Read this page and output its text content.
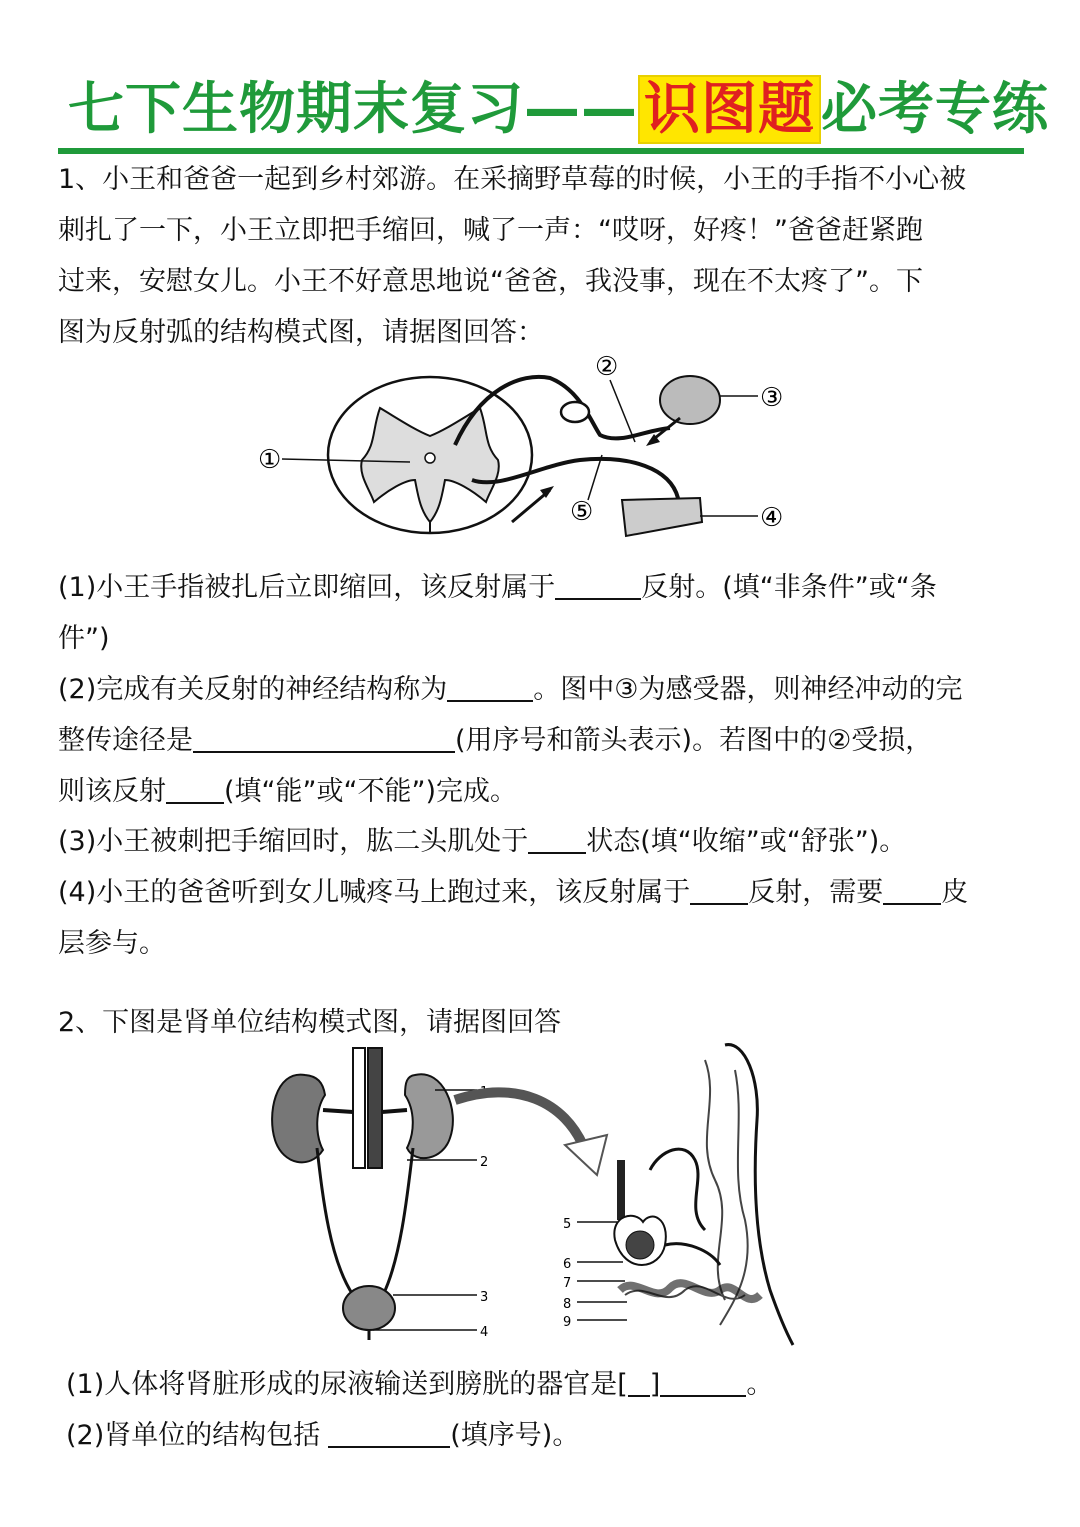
七下生物期末复习—— 识图题 必考专练
1、小王和爸爸一起到乡村郊游。在采摘野草莓的时候，小王的手指不小心被
刺扎了一下，小王立即把手缩回，喊了一声：“哎呀，好疼！”爸爸赶紧跑
过来，安慰女儿。小王不好意思地说“爸爸，我没事，现在不太疼了”。下
图为反射弧的结构模式图，请据图回答：
①
②
③
④
⑤
(1)小王手指被扎后立即缩回，该反射属于	反射。(填“非条件”或“条
件”)
(2)完成有关反射的神经结构称为	。图中③为感受器，则神经冲动的完
整传途径是	(用序号和箭头表示)。若图中的②受损，
则该反射 (填“能”或“不能”)完成。
(3)小王被刺把手缩回时，肱二头肌处于 状态(填“收缩”或“舒张”)。
(4)小王的爸爸听到女儿喊疼马上跑过来，该反射属于 反射，需要 皮
层参与。
2、下图是肾单位结构模式图，请据图回答
1
2
3
4
5
6
7
8
9
(1)人体将肾脏形成的尿液输送到膀胱的器官是[ ]	。
(2)肾单位的结构包括	(填序号)。
